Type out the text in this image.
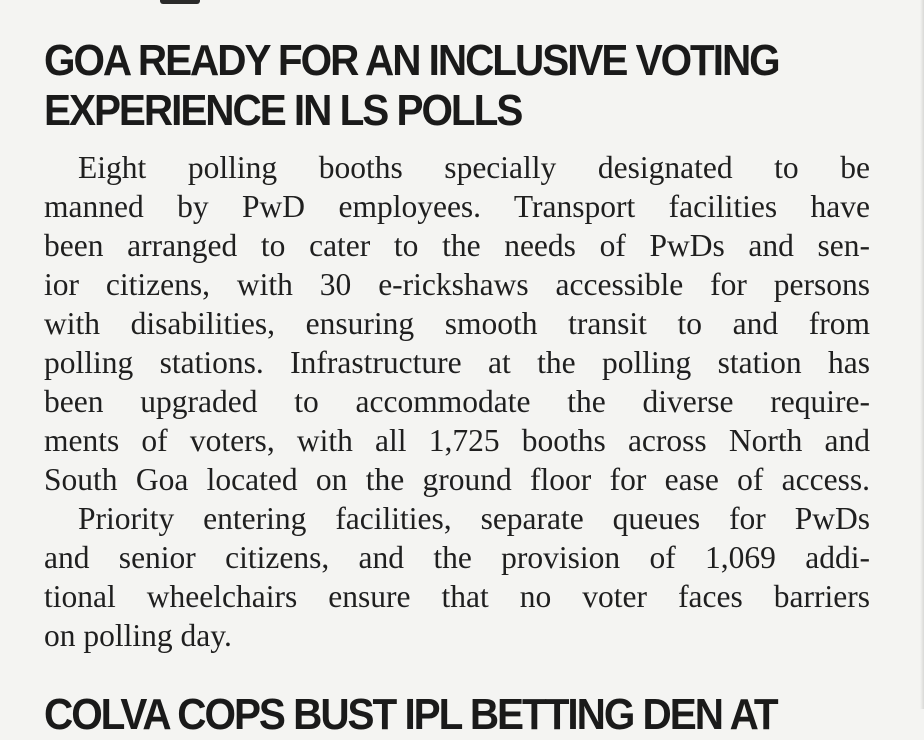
GOA READY FOR AN INCLUSIVE VOTING
EXPERIENCE IN LS POLLS
Eight polling booths specially designated to be
manned by PwD employees. Transport facilities have
been arranged to cater to the needs of PwDs and sen-
ior citizens, with 30 e-rickshaws accessible for persons
with disabilities, ensuring smooth transit to and from
polling stations. Infrastructure at the polling station has
been upgraded to accommodate the diverse require-
ments of voters, with all 1,725 booths across North and
South Goa located on the ground floor for ease of access.
Priority entering facilities, separate queues for PwDs
and senior citizens, and the provision of 1,069 addi-
tional wheelchairs ensure that no voter faces barriers
on polling day.
COLVA COPS BUST IPL BETTING DEN AT
